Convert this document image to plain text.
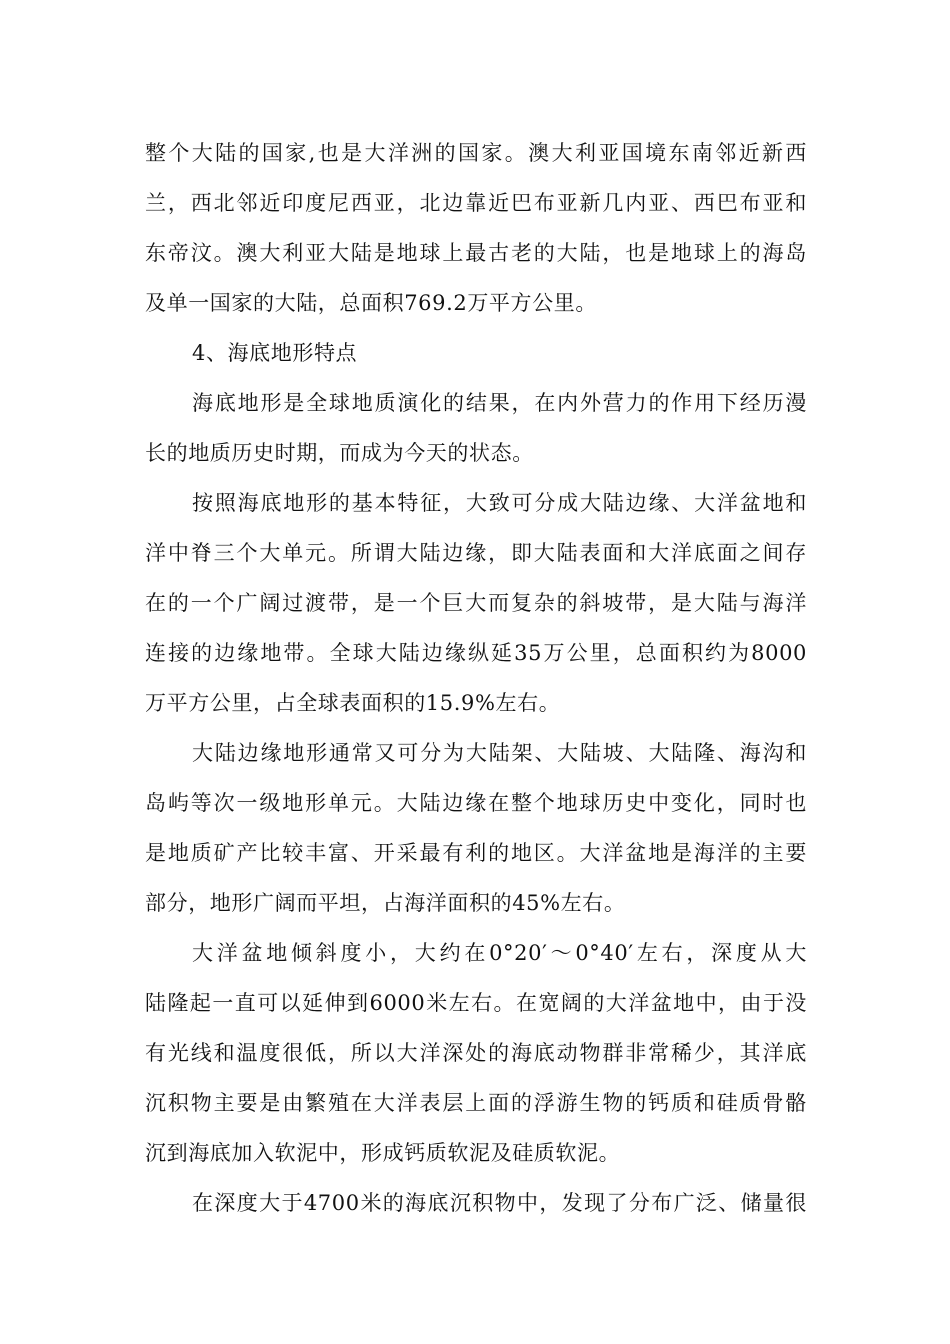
整个大陆的国家,也是大洋洲的国家。澳大利亚国境东南邻近新西
兰，西北邻近印度尼西亚，北边靠近巴布亚新几内亚、西巴布亚和
东帝汶。澳大利亚大陆是地球上最古老的大陆，也是地球上的海岛
及单一国家的大陆，总面积769.2万平方公里。
4、海底地形特点
海底地形是全球地质演化的结果，在内外营力的作用下经历漫
长的地质历史时期，而成为今天的状态。
按照海底地形的基本特征，大致可分成大陆边缘、大洋盆地和
洋中脊三个大单元。所谓大陆边缘，即大陆表面和大洋底面之间存
在的一个广阔过渡带，是一个巨大而复杂的斜坡带，是大陆与海洋
连接的边缘地带。全球大陆边缘纵延35万公里，总面积约为8000
万平方公里，占全球表面积的15.9%左右。
大陆边缘地形通常又可分为大陆架、大陆坡、大陆隆、海沟和
岛屿等次一级地形单元。大陆边缘在整个地球历史中变化，同时也
是地质矿产比较丰富、开采最有利的地区。大洋盆地是海洋的主要
部分，地形广阔而平坦，占海洋面积的45%左右。
大洋盆地倾斜度小，大约在0°20′～0°40′左右，深度从大
陆隆起一直可以延伸到6000米左右。在宽阔的大洋盆地中，由于没
有光线和温度很低，所以大洋深处的海底动物群非常稀少，其洋底
沉积物主要是由繁殖在大洋表层上面的浮游生物的钙质和硅质骨骼
沉到海底加入软泥中，形成钙质软泥及硅质软泥。
在深度大于4700米的海底沉积物中，发现了分布广泛、储量很
